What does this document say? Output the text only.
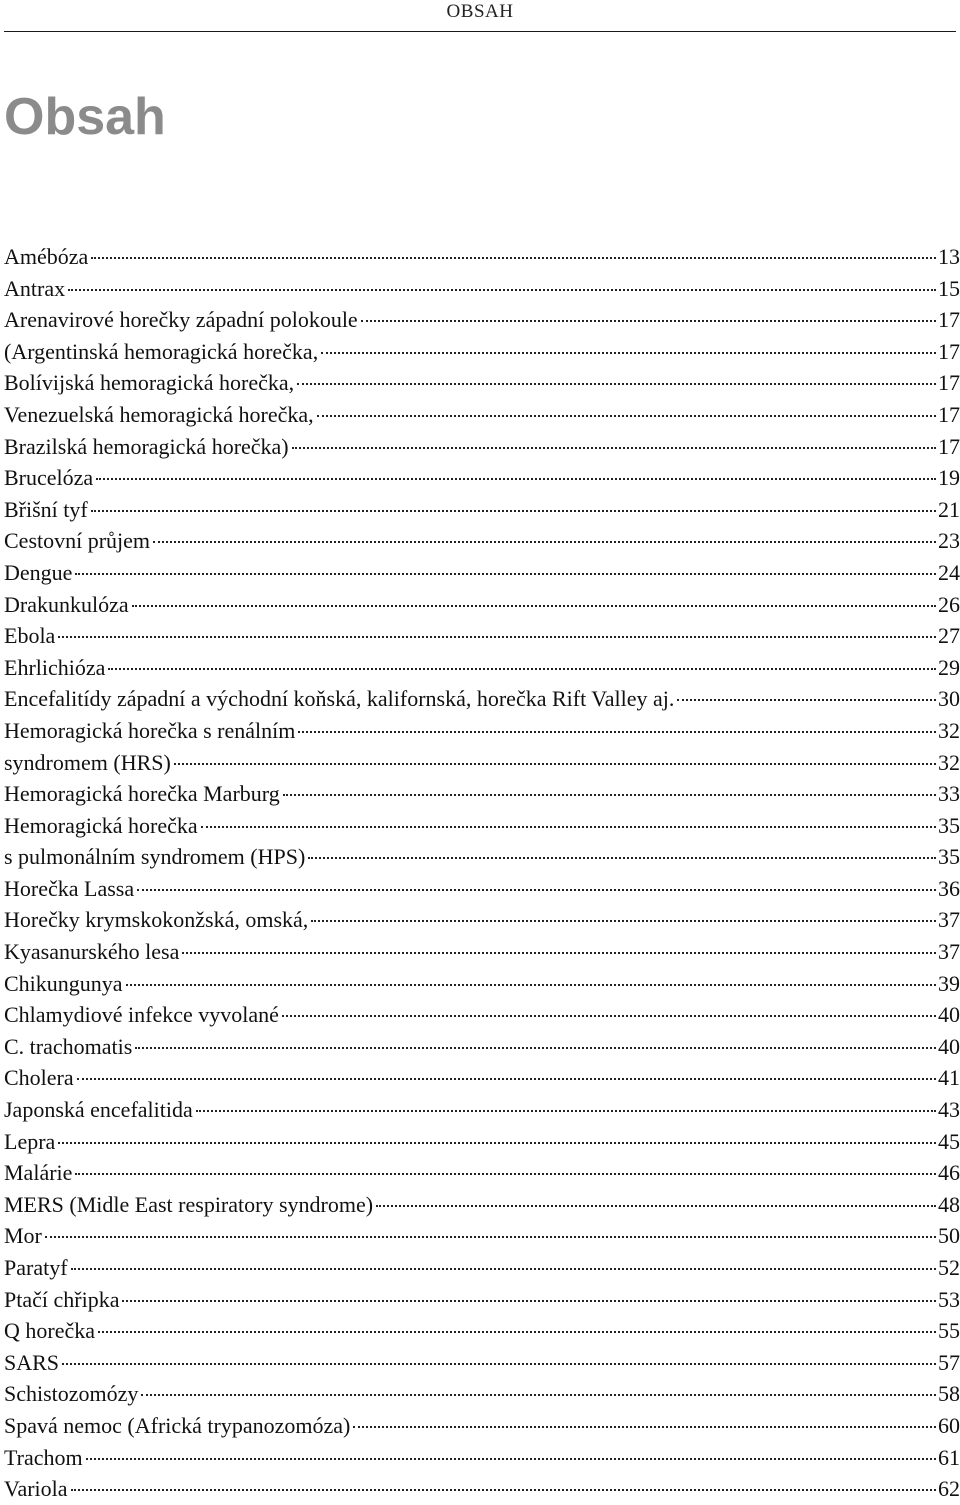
OBSAH
Obsah
Amébóza	13
Antrax	15
Arenavirové horečky západní polokoule	17
(Argentinská hemoragická horečka,	17
Bolívijská hemoragická horečka,	17
Venezuelská hemoragická horečka,	17
Brazilská hemoragická horečka)	17
Brucelóza	19
Břišní tyf	21
Cestovní průjem	23
Dengue	24
Drakunkulóza	26
Ebola	27
Ehrlichióza	29
Encefalitídy západní a východní koňská, kalifornská, horečka Rift Valley aj.	30
Hemoragická horečka s renálním	32
syndromem (HRS)	32
Hemoragická horečka Marburg	33
Hemoragická horečka	35
s pulmonálním syndromem (HPS)	35
Horečka Lassa	36
Horečky krymskokonžská, omská,	37
Kyasanurského lesa	37
Chikungunya	39
Chlamydiové infekce vyvolané	40
C. trachomatis	40
Cholera	41
Japonská encefalitida	43
Lepra	45
Malárie	46
MERS (Midle East respiratory syndrome)	48
Mor	50
Paratyf	52
Ptačí chřipka	53
Q horečka	55
SARS	57
Schistozomózy	58
Spavá nemoc (Africká trypanozomóza)	60
Trachom	61
Variola	62
